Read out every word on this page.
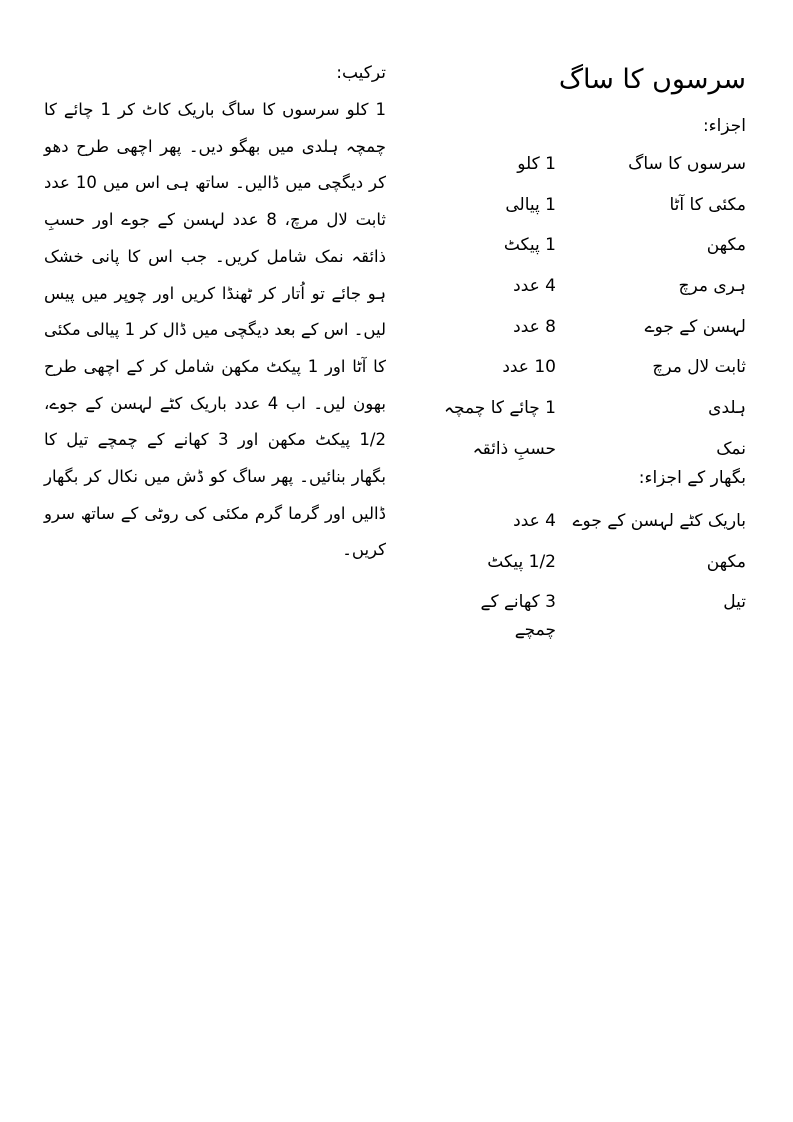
سرسوں کا ساگ
اجزاء:
سرسوں کا ساگ
1 کلو
مکئی کا آٹا
1 پیالی
مکھن
1 پیکٹ
ہری مرچ
4 عدد
لہسن کے جوے
8 عدد
ثابت لال مرچ
10 عدد
ہلدی
1 چائے کا چمچہ
نمک
حسبِ ذائقہ
بگھار کے اجزاء:
باریک کٹے لہسن کے جوے
4 عدد
مکھن
1/2 پیکٹ
تیل
3 کھانے کے چمچے
ترکیب:

1 کلو سرسوں کا ساگ باریک کاٹ کر 1 چائے کا چمچہ ہلدی میں بھگو دیں۔ پھر اچھی طرح دھو کر دیگچی میں ڈالیں۔ ساتھ ہی اس میں 10 عدد ثابت لال مرچ، 8 عدد لہسن کے جوے اور حسبِ ذائقہ نمک شامل کریں۔ جب اس کا پانی خشک ہو جائے تو اُتار کر ٹھنڈا کریں اور چوپر میں پیس لیں۔ اس کے بعد دیگچی میں ڈال کر 1 پیالی مکئی کا آٹا اور 1 پیکٹ مکھن شامل کر کے اچھی طرح بھون لیں۔ اب 4 عدد باریک کٹے لہسن کے جوے، 1/2 پیکٹ مکھن اور 3 کھانے کے چمچے تیل کا بگھار بنائیں۔ پھر ساگ کو ڈش میں نکال کر بگھار ڈالیں اور گرما گرم مکئی کی روٹی کے ساتھ سرو کریں۔
